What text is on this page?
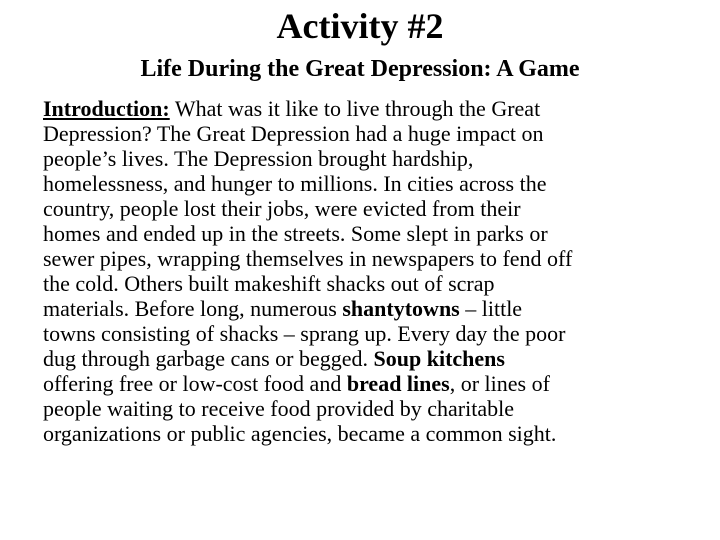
Activity #2
Life During the Great Depression: A Game
Introduction: What was it like to live through the Great
Depression? The Great Depression had a huge impact on
people’s lives. The Depression brought hardship,
homelessness, and hunger to millions. In cities across the
country, people lost their jobs, were evicted from their
homes and ended up in the streets. Some slept in parks or
sewer pipes, wrapping themselves in newspapers to fend off
the cold. Others built makeshift shacks out of scrap
materials. Before long, numerous shantytowns – little
towns consisting of shacks – sprang up. Every day the poor
dug through garbage cans or begged. Soup kitchens
offering free or low-cost food and bread lines, or lines of
people waiting to receive food provided by charitable
organizations or public agencies, became a common sight.
